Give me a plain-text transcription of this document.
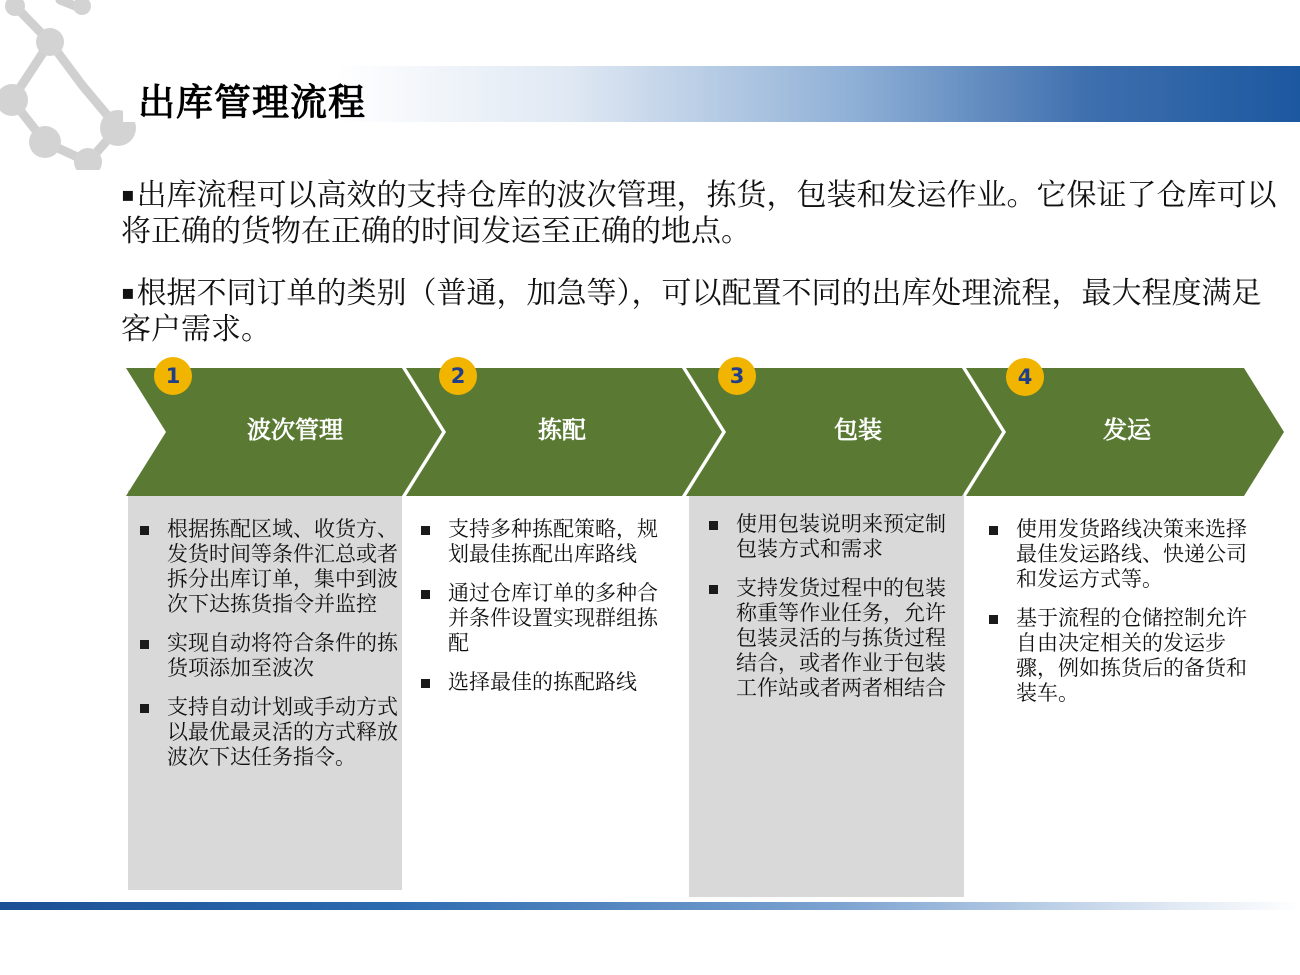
出库管理流程
▪出库流程可以高效的支持仓库的波次管理，拣货，包装和发运作业。它保证了仓库可以将正确的货物在正确的时间发运至正确的地点。
▪根据不同订单的类别（普通，加急等），可以配置不同的出库处理流程，最大程度满足客户需求。
1	2	3	4
波次管理	拣配	包装	发运
根据拣配区域、收货方、发货时间等条件汇总或者拆分出库订单，集中到波次下达拣货指令并监控
实现自动将符合条件的拣货项添加至波次
支持自动计划或手动方式以最优最灵活的方式释放波次下达任务指令。
支持多种拣配策略，规划最佳拣配出库路线
通过仓库订单的多种合并条件设置实现群组拣配
选择最佳的拣配路线
使用包装说明来预定制包装方式和需求
支持发货过程中的包装称重等作业任务，允许包装灵活的与拣货过程结合，或者作业于包装工作站或者两者相结合
使用发货路线决策来选择最佳发运路线、快递公司和发运方式等。
基于流程的仓储控制允许自由决定相关的发运步骤，例如拣货后的备货和装车。
